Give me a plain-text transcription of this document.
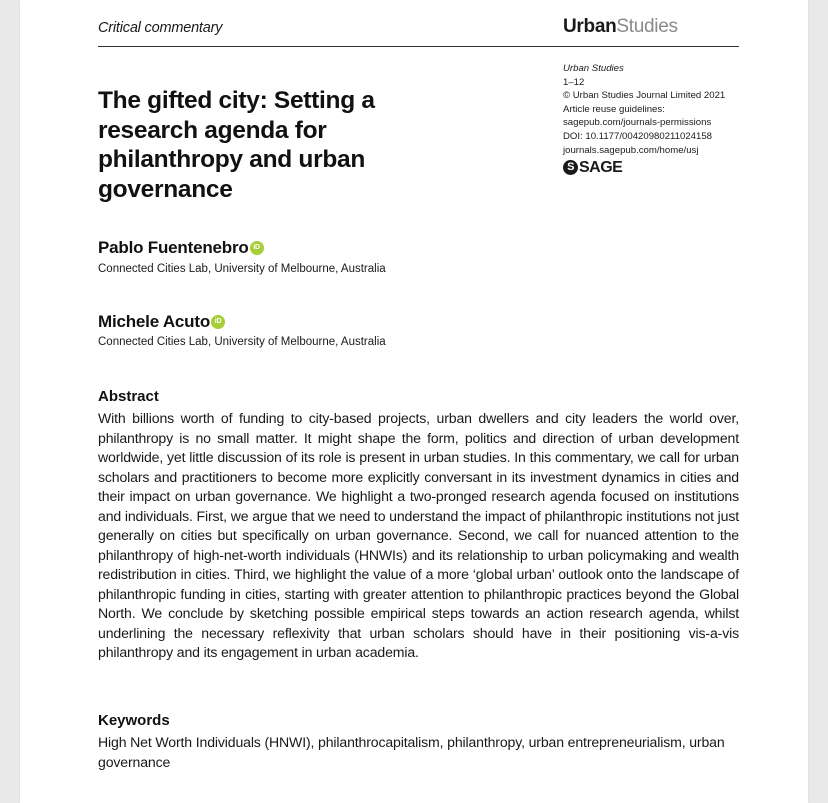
Critical commentary	UrbanStudies
Urban Studies
1–12
© Urban Studies Journal Limited 2021
Article reuse guidelines:
sagepub.com/journals-permissions
DOI: 10.1177/00420980211024158
journals.sagepub.com/home/usj
S SAGE
The gifted city: Setting a research agenda for philanthropy and urban governance
Pablo Fuentenebro iD
Connected Cities Lab, University of Melbourne, Australia
Michele Acuto iD
Connected Cities Lab, University of Melbourne, Australia
Abstract

With billions worth of funding to city-based projects, urban dwellers and city leaders the world over, philanthropy is no small matter. It might shape the form, politics and direction of urban development worldwide, yet little discussion of its role is present in urban studies. In this commentary, we call for urban scholars and practitioners to become more explicitly conversant in its investment dynamics in cities and their impact on urban governance. We highlight a two-pronged research agenda focused on institutions and individuals. First, we argue that we need to understand the impact of philanthropic institutions not just generally on cities but specifically on urban governance. Second, we call for nuanced attention to the philanthropy of high-net-worth individuals (HNWIs) and its relationship to urban policymaking and wealth redistribution in cities. Third, we highlight the value of a more ‘global urban’ outlook onto the landscape of philanthropic funding in cities, starting with greater attention to philanthropic practices beyond the Global North. We conclude by sketching possible empirical steps towards an action research agenda, whilst underlining the necessary reflexivity that urban scholars should have in their positioning vis-a-vis philanthropy and its engagement in urban academia.

Keywords

High Net Worth Individuals (HNWI), philanthrocapitalism, philanthropy, urban entrepreneurialism, urban governance
